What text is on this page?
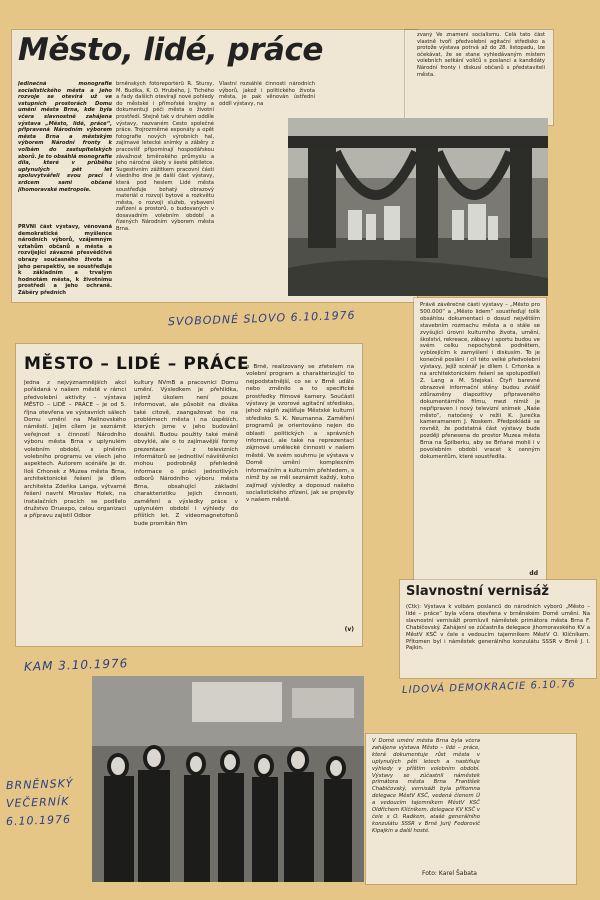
Město, lidé, práce
Jedinečná monografie socialistického města a jeho rozvoje se otevírá už ve vstupních prostorách Domu umění města Brna, kde byla včera slavnostně zahájena výstava „Město, lidé, práce“, připravená Národním výborem města Brna a městským výborem Národní fronty k volbám do zastupitelských sborů. Je to obsáhlá monografie díla, které v průběhu uplynulých pět let spoluvytvářeli svou prací i srdcem sami občané jihomoravské metropole.
PRVNÍ část výstavy, věnovaná demokratické myšlence národních výborů, vzájemným vztahům občanů a města a rozvíjející závazné přesvědčivé obrazy současného života a jeho perspektiv, se soustřeďuje k základním a trvalým hodnotám města, k životnímu prostředí a jeho ochraně. Záběry předních
brněnských fotoreportérů R. Štursy, M. Budíka, K. O. Hrubého, J. Tichého a řady dalších otevírají nové pohledy do městské i přímořské krajiny a dokumentují péči města o životní prostředí. Stejně tak v druhém oddíle výstavy, nazvaném Cesto společné práce. Trojrozměrné exponáty a opět fotografie nových výrobních hal, zajímavé letecké snímky a záběry z pracovišť připomínají hospodářskou závažnost brněnského průmyslu a jeho náročné úkoly v šesté pětiletce. Sugestivním zážitkem pracovní části všedního dne je další část výstavy, která pod heslem Lidé města soustřeďuje bohatý obrazový materiál o rozvoji bytové a rozkvětu města, o rozvoji služeb, vybavení zařízení a prostorů, o budovaných v dosavadním volebním období a řízených Národním výborem města Brna.
Vlastní rozsáhlé činnosti národních výborů, jakož i politického života města, je pak věnován ústřední oddíl výstavy, na
zvaný Ve znamení socialismu. Celá tato část vlastně tvoří předvolební agitační středisko a protože výstava potrvá až do 28. listopadu, lze očekávat, že se stane vyhledávaným místem volebních setkání voličů s poslanci a kandidáty Národní fronty i diskusí občanů s představiteli města.
SVOBODNÉ SLOVO 6.10.1976
MĚSTO – LIDÉ – PRÁCE
Jedna z nejvýznamnějších akcí pořádaná v našem městě v rámci předvolební aktivity – výstava MĚSTO – LIDÉ – PRÁCE – je od 5. října otevřena ve výstavních sálech Domu umění na Malinovského náměstí. Jejím cílem je seznámit veřejnost s činností Národního výboru města Brna v uplynulém volebním období, s plněním volebního programu ve všech jeho aspektech. Autorem scénáře je dr. Iloš Crhonek z Muzea města Brna, architektonické řešení je dílem architekta Zdeňka Langa, výtvarné řešení navrhl Miroslav Holek, na instalačních pracích se podílelo družstvo Druexpo, celou organizaci a přípravu zajistil Odbor
kultury NVmB a pracovníci Domu umění. Výsledkem je přehlídka, jejímž úkolem není pouze informovat, ale působit na diváka také citově, zaangažovat ho na problémech města i na úspěších, kterých jsme v jeho budování dosáhli. Budou použity také méně obvyklé, ale o to zajímavější formy prezentace – z televizních informátorů se jednotliví návštěvníci mohou podrobněji přehledně informace o práci jednotlivých odborů Národního výboru města Brna, obsahující základní charakteristiku jejich činnosti, zaměření a výsledky práce v uplynulém období i výhledy do příštích let. Z videomagnetofonů bude promítán film
o Brně, realizovaný se zřetelem na volební program a charakterizující to nejpodstatnější, co se v Brně událo nebo změnilo a to specifické prostředky filmové kamery. Součástí výstavy je vzorové agitační středisko, jehož náplň zajišťuje Městské kulturní středisko S. K. Neumanna. Zaměření programů je orientováno nejen do oblasti politických a správních informací, ale také na reprezentaci zájmové umělecké činnosti v našem městě. Ve svém souhrnu je výstava v Domě umění komplexním informačním a kulturním přehledem, s nímž by se měl seznámit každý, koho zajímají výsledky a doposud našeho socialistického zřízení, jak se projevily v našem městě.
(v)
Právě závěrečné části výstavy – „Město pro 500.000“ a „Město lidem“ soustřeďují tolik obsáhlou dokumentací o dosud největším stavebním rozmachu města a o stále se zvyšující úrovni kulturního života, umění, školství, rekreace, zábavy i sportu budou ve svém celku nepochybně podnětem, vybízejícím k zamyšlení i diskusím. To je konečně posláni i cíl této velké předvolební výstavy, jejíž scénář je dílem I. Crhonka a na architektonickém řešení se spolupodíleli Z. Lang a M. Stejskal. Čtyři barevné obrazové informační stěny budou zvlášť zdůrazněny diapozitivy připraveného dokumentárního filmu, mezi nimiž je nepřipraven i nový televizní snímek „Naše město“, natočený v režii K. Jurečka kameramanem J. Noskem. Předpokládá se rovněž, že podstatná část výstavy bude později přenesena do prostor Muzea města Brna na Špilberku, aby se Brňané mohli i v povolebním období vracet k cenným dokumentům, které soustředila.
dd
Slavnostní vernisáž
(Čtk): Výstava k volbám poslanců do národních výborů „Město – lidé – práce“ byla včera otevřena v brněnském Domě umění. Na slavnostní vernisáži promluvil náměstek primátora města Brna F. Chabičovský. Zahájení se zúčastnila delegace jihomoravského KV a MěstV KSČ v čele s vedoucím tajemníkem MěstV O. Klíčníkem. Přítomen byl i náměstek generálního konzulátu SSSR v Brně J. I. Pajkin.
KAM 3.10.1976
LIDOVÁ DEMOKRACIE 6.10.76
V Domě umění města Brna byla včera zahájena výstava Město – lidé – práce, která dokumentuje růst města v uplynulých pěti letech a nastiňuje výhledy v příštím volebním období. Výstavy se zúčastnil náměstek primátora města Brna František Chabičovský, vernisáži byla přítomna delegace MěstV KSČ, vedená členem Ú a vedoucím tajemníkem MěstV KSČ Oldřichem Klíčníkem, delegace KV KSČ v čele s O. Radkem, atašé generálního konzulátu SSSR v Brně Jurij Fedorovič Kipajkin a další hosté.
Foto: Karel Šabata
BRNĚNSKÝ
VEČERNÍK
6.10.1976
